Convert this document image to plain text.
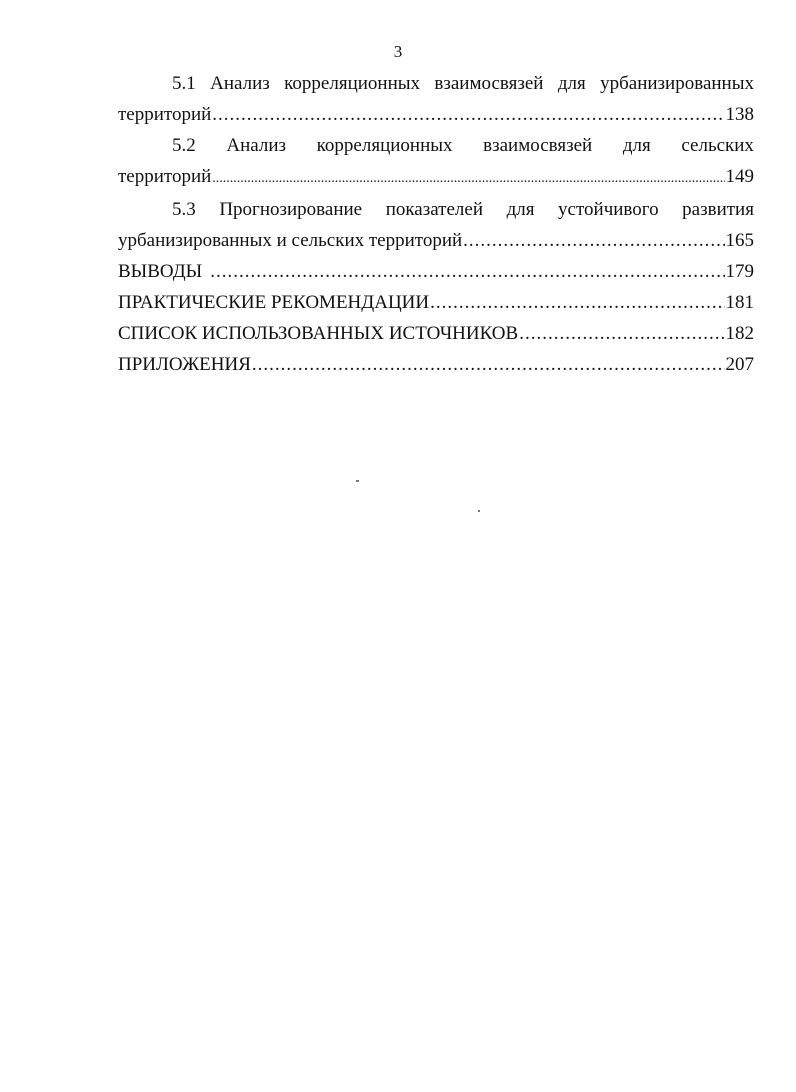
3
5.1 Анализ корреляционных взаимосвязей для урбанизированных
территорий .....	138
5.2 Анализ корреляционных взаимосвязей для сельских
территорий .....	149
5.3 Прогнозирование показателей для устойчивого развития
урбанизированных и сельских территорий .....	165
ВЫВОДЫ .....	179
ПРАКТИЧЕСКИЕ РЕКОМЕНДАЦИИ .....	181
СПИСОК ИСПОЛЬЗОВАННЫХ ИСТОЧНИКОВ .....	182
ПРИЛОЖЕНИЯ .....	207
